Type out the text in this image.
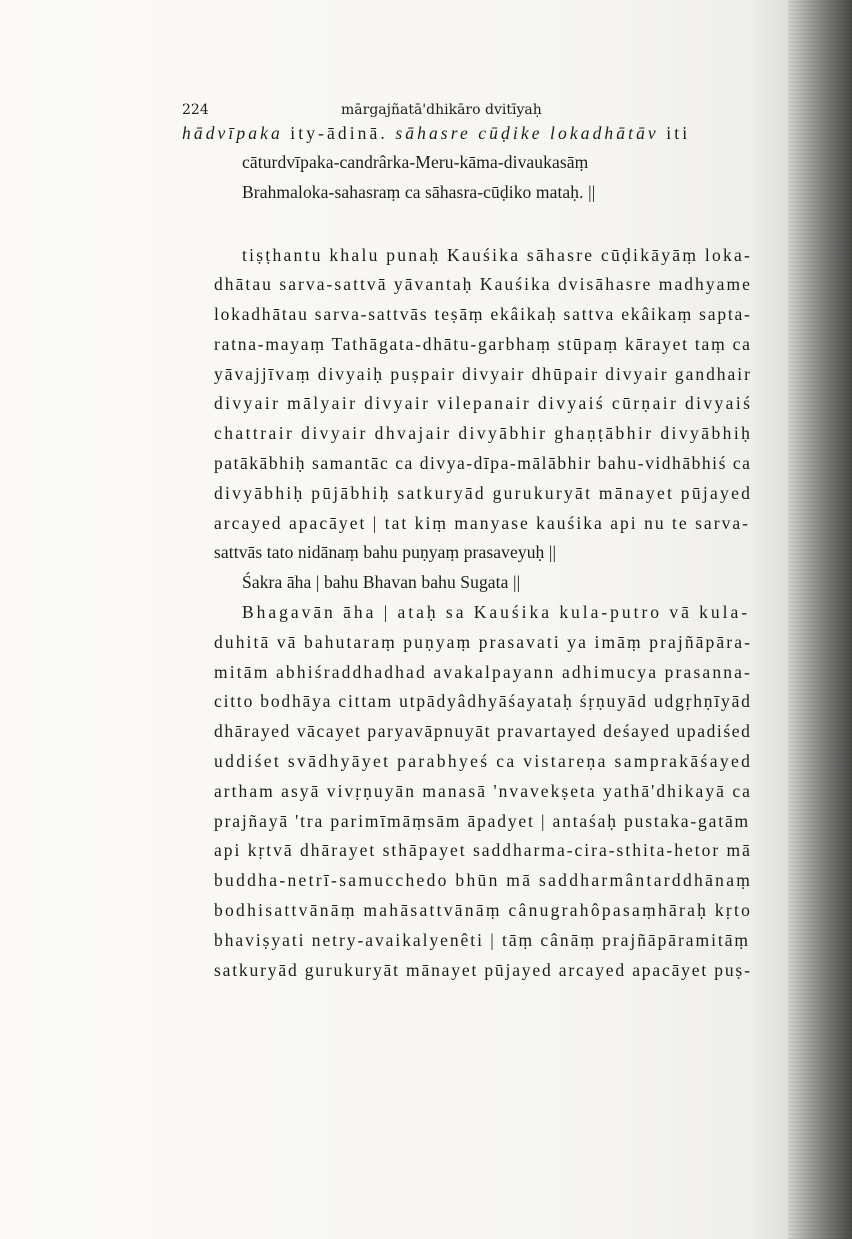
224	mārgajñatā'dhikāro dvitīyaḥ
hādvīpaka ity-ādinā. sāhasre cūḍike lokadhātāv iti
cāturdvīpaka-candrârka-Meru-kāma-divaukasāṃ
Brahmaloka-sahasraṃ ca sāhasra-cūḍiko mataḥ. ||
tiṣṭhantu khalu punaḥ Kauśika sāhasre cūḍikāyāṃ loka-
dhātau sarva-sattvā yāvantaḥ Kauśika dvisāhasre madhyame
lokadhātau sarva-sattvās teṣāṃ ekâikaḥ sattva ekâikaṃ sapta-
ratna-mayaṃ Tathāgata-dhātu-garbhaṃ stūpaṃ kārayet taṃ ca
yāvajjīvaṃ divyaiḥ puṣpair divyair dhūpair divyair gandhair
divyair mālyair divyair vilepanair divyaiś cūrṇair divyaiś
chattrair divyair dhvajair divyābhir ghaṇṭābhir divyābhiḥ
patākābhiḥ samantāc ca divya-dīpa-mālābhir bahu-vidhābhiś ca
divyābhiḥ pūjābhiḥ satkuryād gurukuryāt mānayet pūjayed
arcayed apacāyet | tat kiṃ manyase kauśika api nu te sarva-
sattvās tato nidānaṃ bahu puṇyaṃ prasaveyuḥ ||
Śakra āha | bahu Bhavan bahu Sugata ||
Bhagavān āha | ataḥ sa Kauśika kula-putro vā kula-
duhitā vā bahutaraṃ puṇyaṃ prasavati ya imāṃ prajñāpāra-
mitām abhiśraddhadhad avakalpayann adhimucya prasanna-
citto bodhāya cittam utpādyâdhyāśayataḥ śṛṇuyād udgṛhṇīyād
dhārayed vācayet paryavāpnuyāt pravartayed deśayed upadiśed
uddiśet svādhyāyet parabhyeś ca vistareṇa samprakāśayed
artham asyā vivṛṇuyān manasā 'nvavekṣeta yathā'dhikayā ca
prajñayā 'tra parimīmāṃsām āpadyet | antaśaḥ pustaka-gatām
api kṛtvā dhārayet sthāpayet saddharma-cira-sthita-hetor mā
buddha-netrī-samucchedo bhūn mā saddharmântarddhānaṃ
bodhisattvānāṃ mahāsattvānāṃ cânugrahôpasaṃhāraḥ kṛto
bhaviṣyati netry-avaikalyenêti | tāṃ cânāṃ prajñāpāramitāṃ
satkuryād gurukuryāt mānayet pūjayed arcayed apacāyet puṣ-
